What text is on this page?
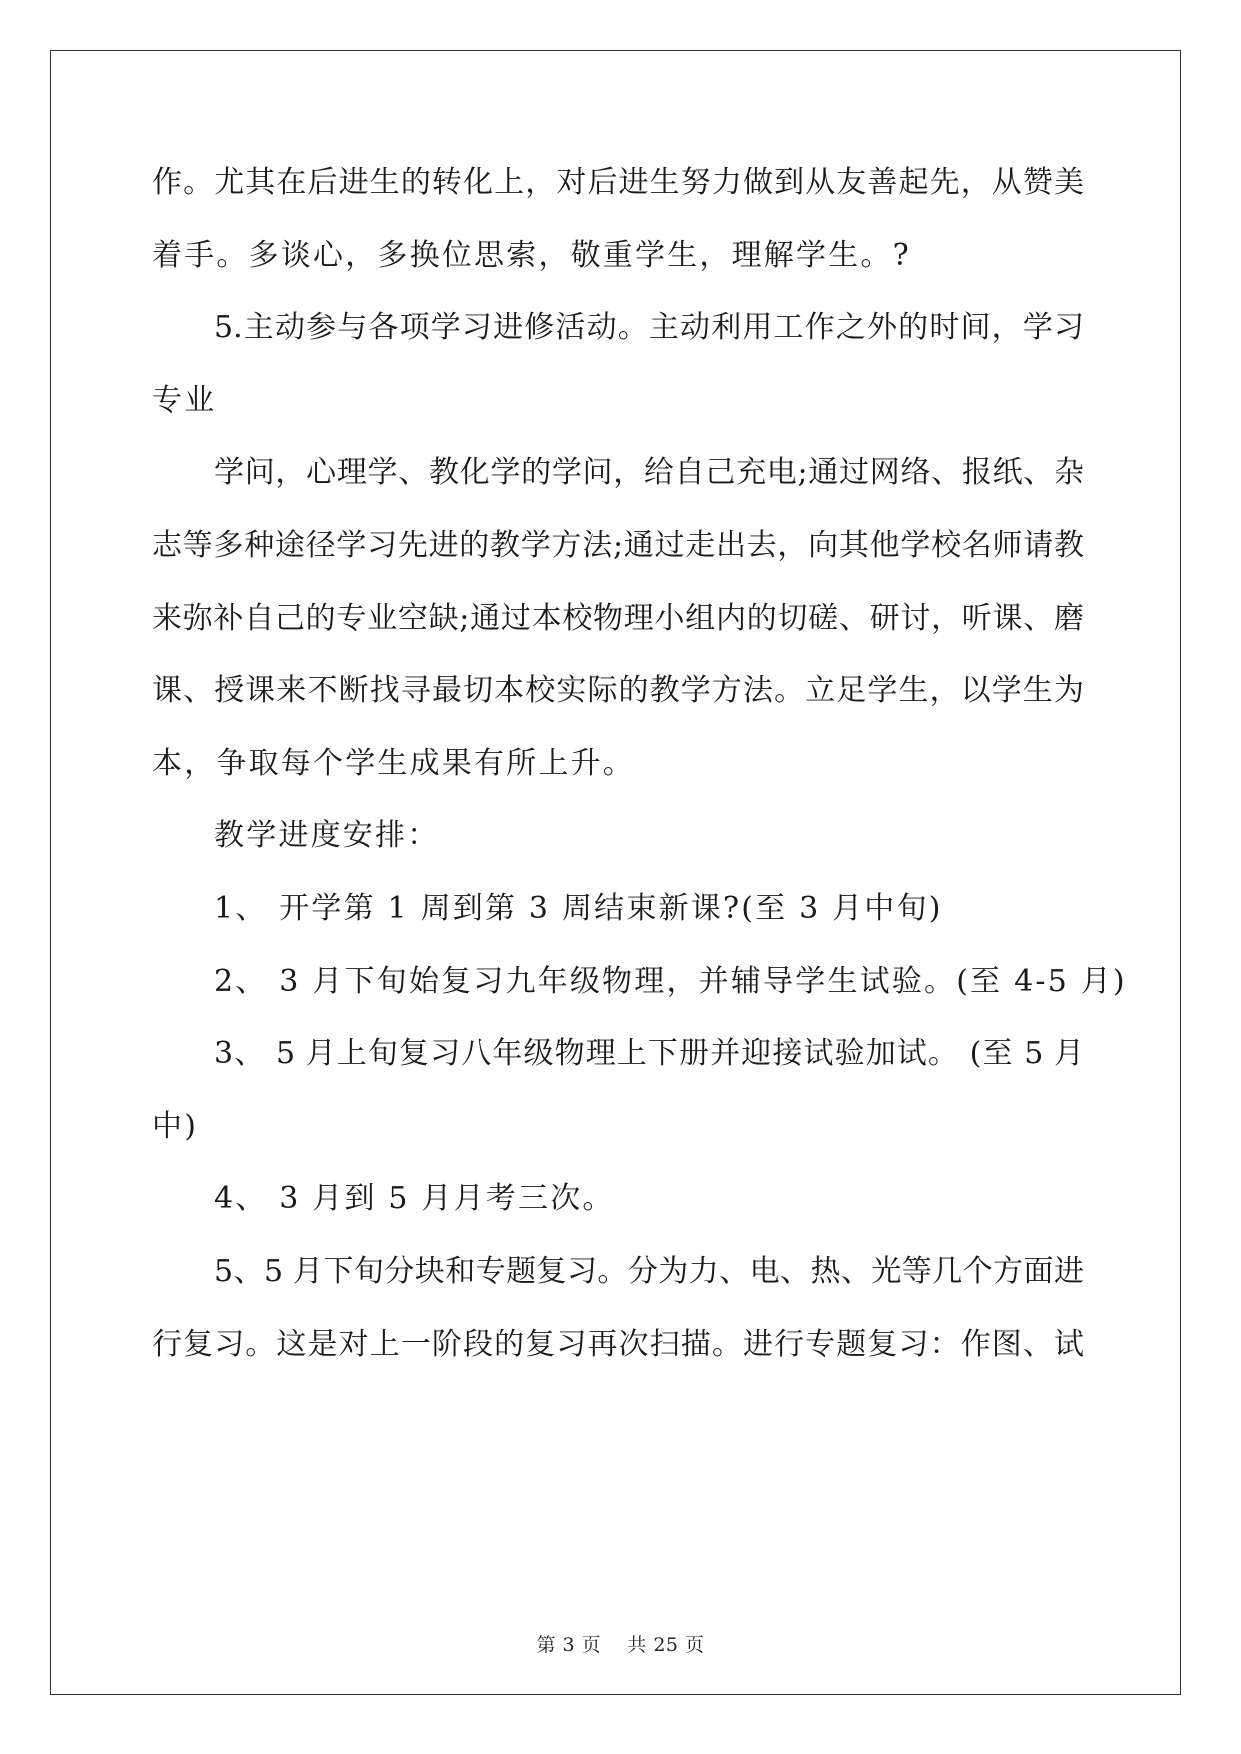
作。尤其在后进生的转化上，对后进生努力做到从友善起先，从赞美
着手。多谈心，多换位思索，敬重学生，理解学生。?
5.主动参与各项学习进修活动。主动利用工作之外的时间，学习
专业
学问，心理学、教化学的学问，给自己充电;通过网络、报纸、杂
志等多种途径学习先进的教学方法;通过走出去，向其他学校名师请教
来弥补自己的专业空缺;通过本校物理小组内的切磋、研讨，听课、磨
课、授课来不断找寻最切本校实际的教学方法。立足学生，以学生为
本，争取每个学生成果有所上升。
教学进度安排：
1、 开学第 1 周到第 3 周结束新课?(至 3 月中旬)
2、 3 月下旬始复习九年级物理，并辅导学生试验。(至 4-5 月)
3、 5 月上旬复习八年级物理上下册并迎接试验加试。 (至 5 月
中)
4、 3 月到 5 月月考三次。
5、5 月下旬分块和专题复习。分为力、电、热、光等几个方面进
行复习。这是对上一阶段的复习再次扫描。进行专题复习：作图、试
第 3 页 共 25 页
